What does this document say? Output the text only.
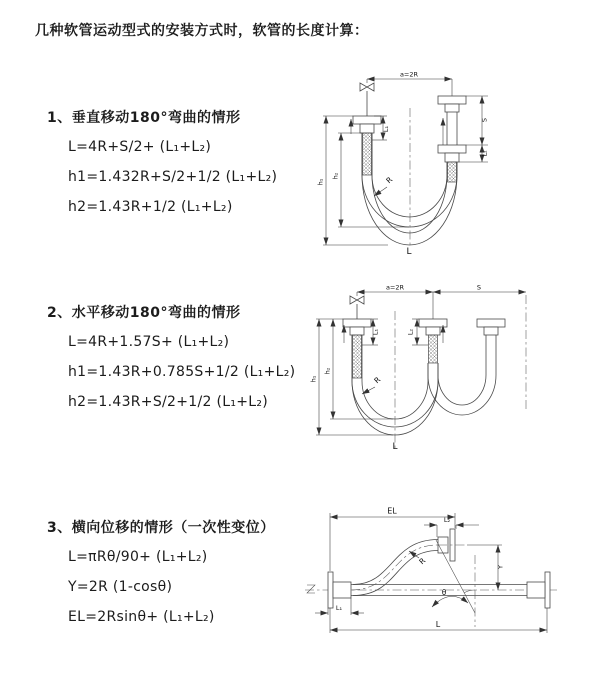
几种软管运动型式的安装方式时，软管的长度计算：
1、垂直移动180°弯曲的情形
L=4R+S/2+ (L₁+L₂)
h1=1.432R+S/2+1/2 (L₁+L₂)
h2=1.43R+1/2 (L₁+L₂)
a=2R
S
L₂
L₁
h₁
h₂	R
L
2、水平移动180°弯曲的情形
L=4R+1.57S+ (L₁+L₂)
h1=1.43R+0.785S+1/2 (L₁+L₂)
h2=1.43R+S/2+1/2 (L₁+L₂)
a=2R	S
L₁	L₂
h₁
h₂
R
L
3、横向位移的情形（一次性变位）
L=πRθ/90+ (L₁+L₂)
Y=2R (1-cosθ)
EL=2Rsinθ+ (L₁+L₂)
θ
R
EL
L₂
Y
L
L₁
